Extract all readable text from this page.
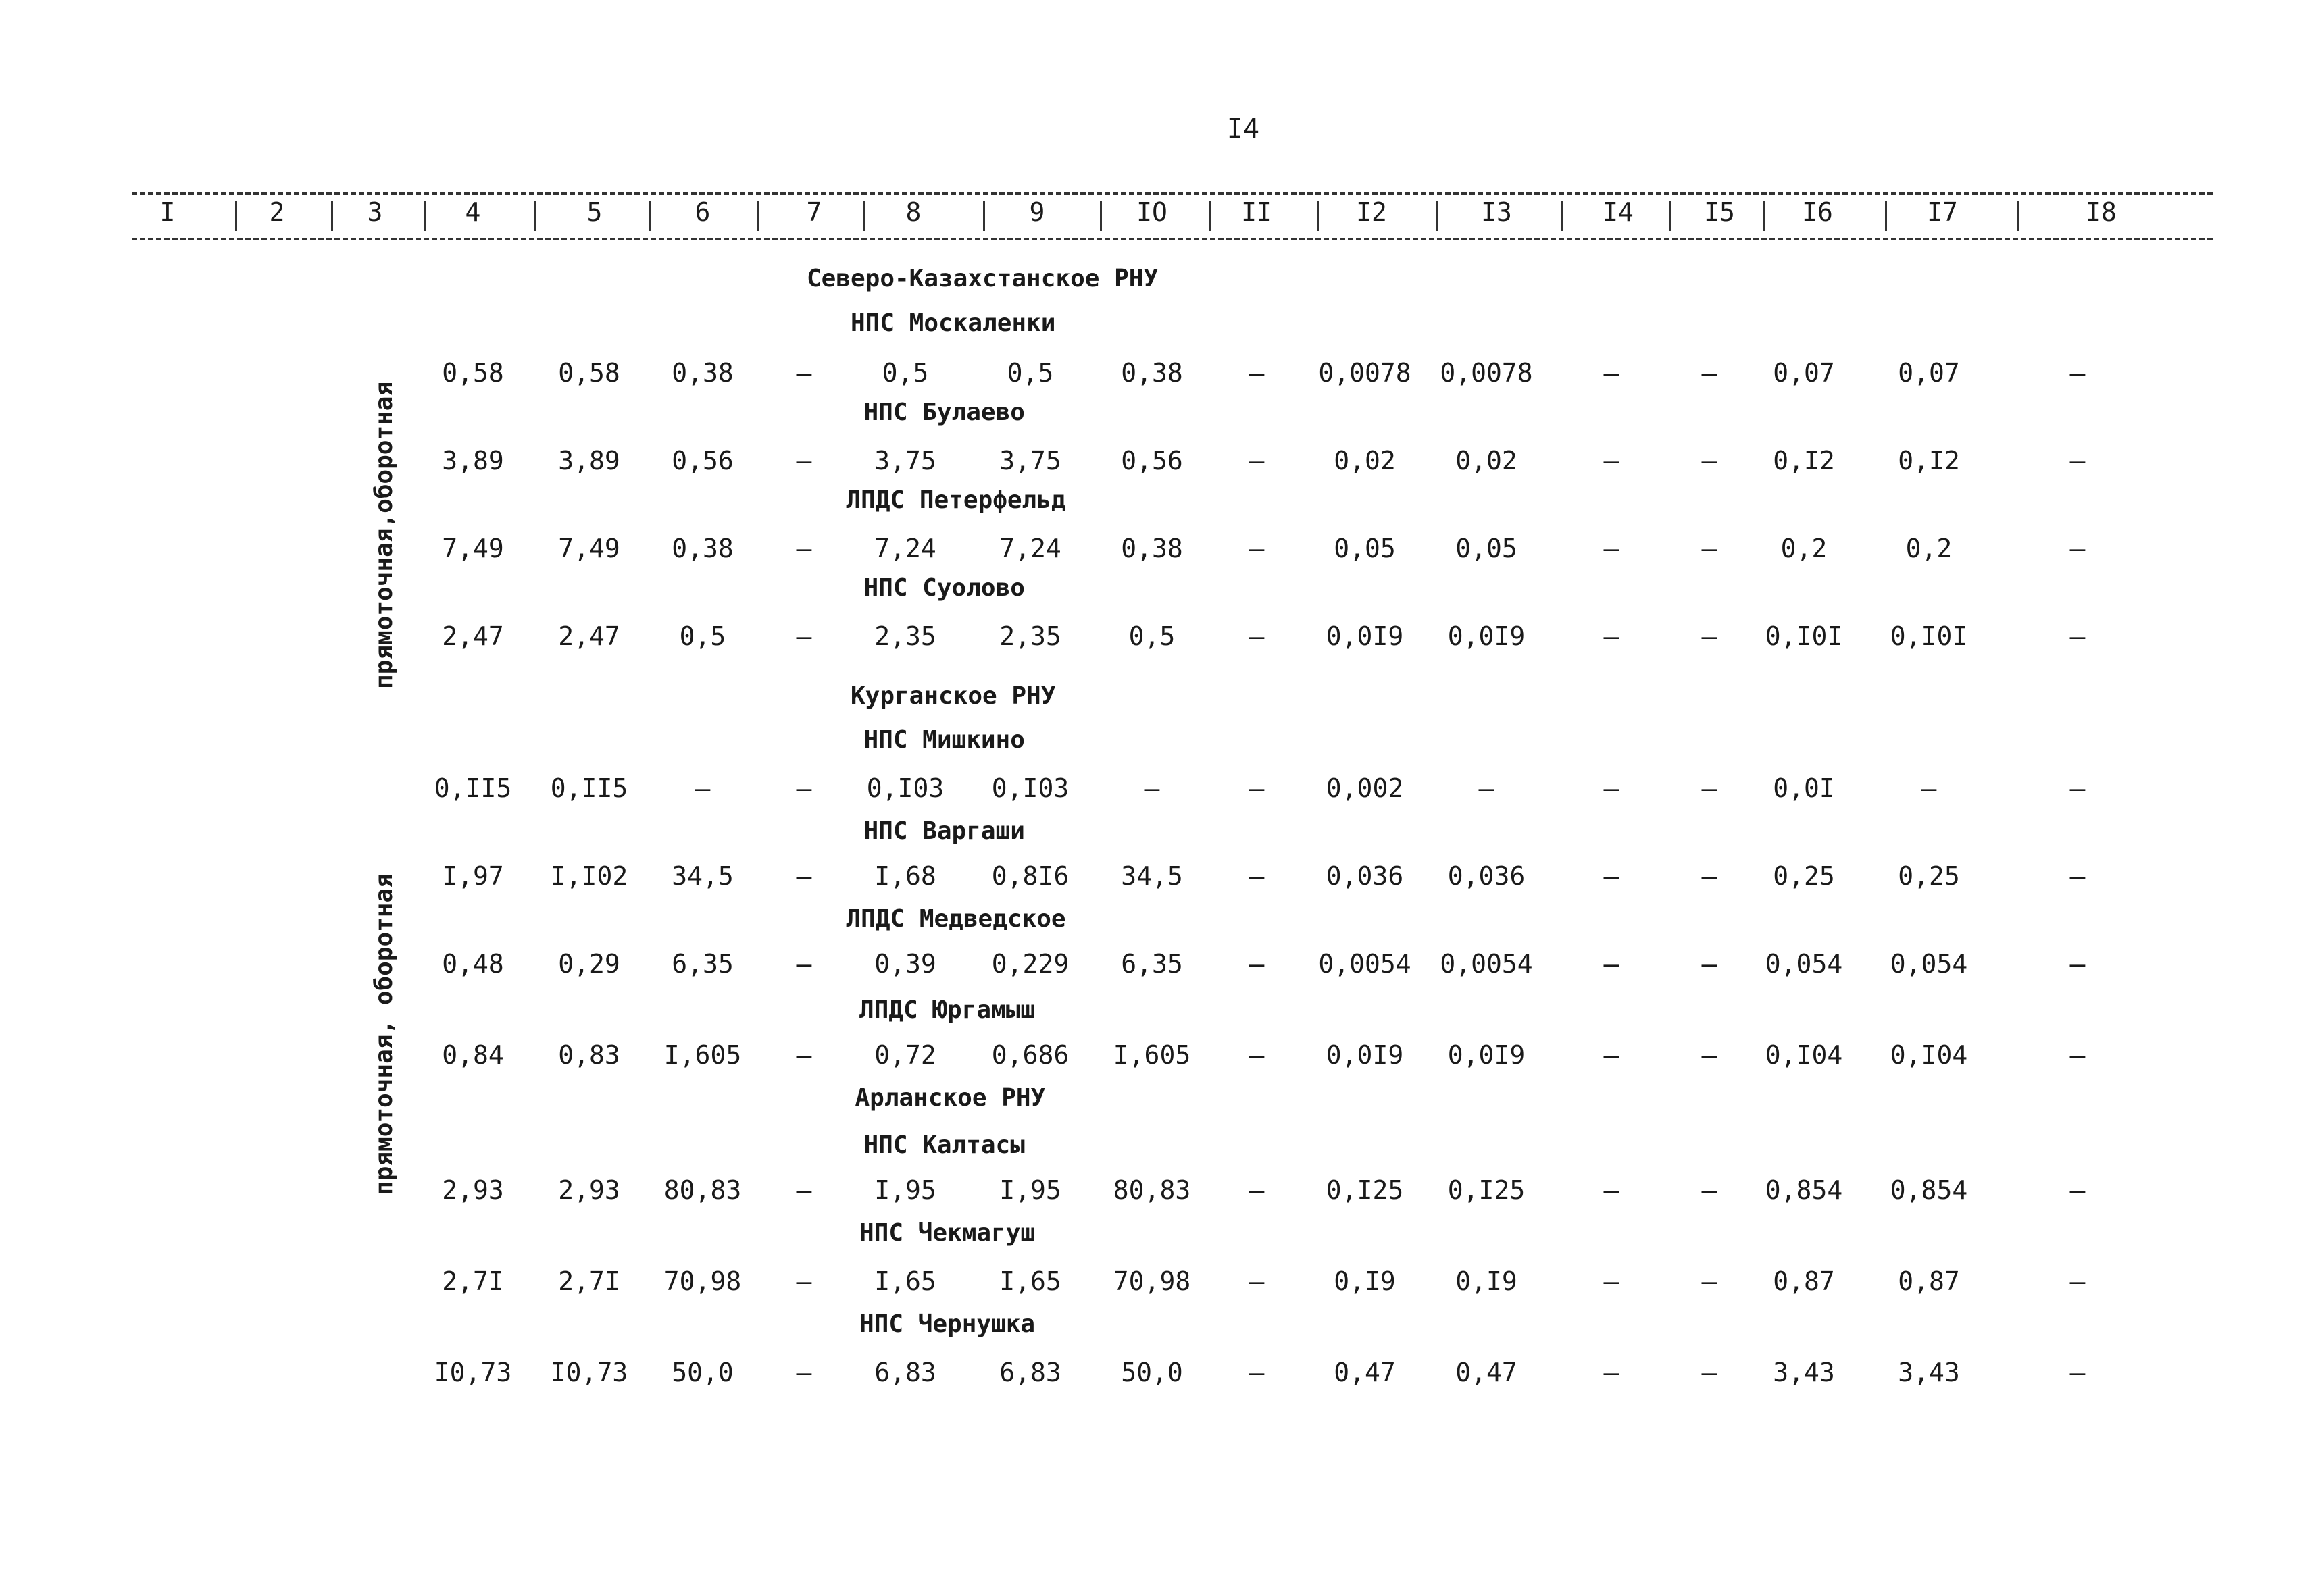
I4
I	2	3	4	5	6	7	8	9	IO	II	I2	I3	I4	I5	I6	I7	I8
прямоточная,оборотная
прямоточная, оборотная
Северо-Казахстанское РНУ
НПС Москаленки
0,58 0,58 0,38 –	0,5	0,5	0,38	– 0,0078 0,0078	–	– 0,07 0,07	–
НПС Булаево
3,89 3,89 0,56 – 3,75 3,75 0,56	–	0,02 0,02	–	– 0,I2 0,I2	–
ЛПДС Петерфельд
7,49 7,49 0,38 – 7,24 7,24 0,38	–	0,05 0,05	–	– 0,2	0,2	–
НПС Суолово
2,47 2,47 0,5	– 2,35 2,35	0,5	– 0,0I9 0,0I9	–	– 0,I0I 0,I0I	–
Курганское РНУ
НПС Мишкино
0,II5 0,II5	–	– 0,I03 0,I03	–	– 0,002	–	–	– 0,0I	–	–
НПС Варгаши
I,97 I,I02 34,5 – I,68 0,8I6 34,5	– 0,036 0,036	–	– 0,25 0,25	–
ЛПДС Медведское
0,48 0,29 6,35 – 0,39 0,229 6,35	– 0,0054 0,0054	–	– 0,054 0,054	–
ЛПДС Юргамыш
0,84 0,83 I,605 – 0,72 0,686 I,605 – 0,0I9 0,0I9	–	– 0,I04 0,I04	–
Арланское РНУ
НПС Калтасы
2,93 2,93 80,83 – I,95 I,95 80,83 – 0,I25 0,I25	–	– 0,854 0,854	–
НПС Чекмагуш
2,7I 2,7I 70,98 – I,65 I,65 70,98 –	0,I9 0,I9	–	– 0,87 0,87	–
НПС Чернушка
I0,73 I0,73 50,0 – 6,83 6,83 50,0	–	0,47 0,47	–	– 3,43 3,43	–
